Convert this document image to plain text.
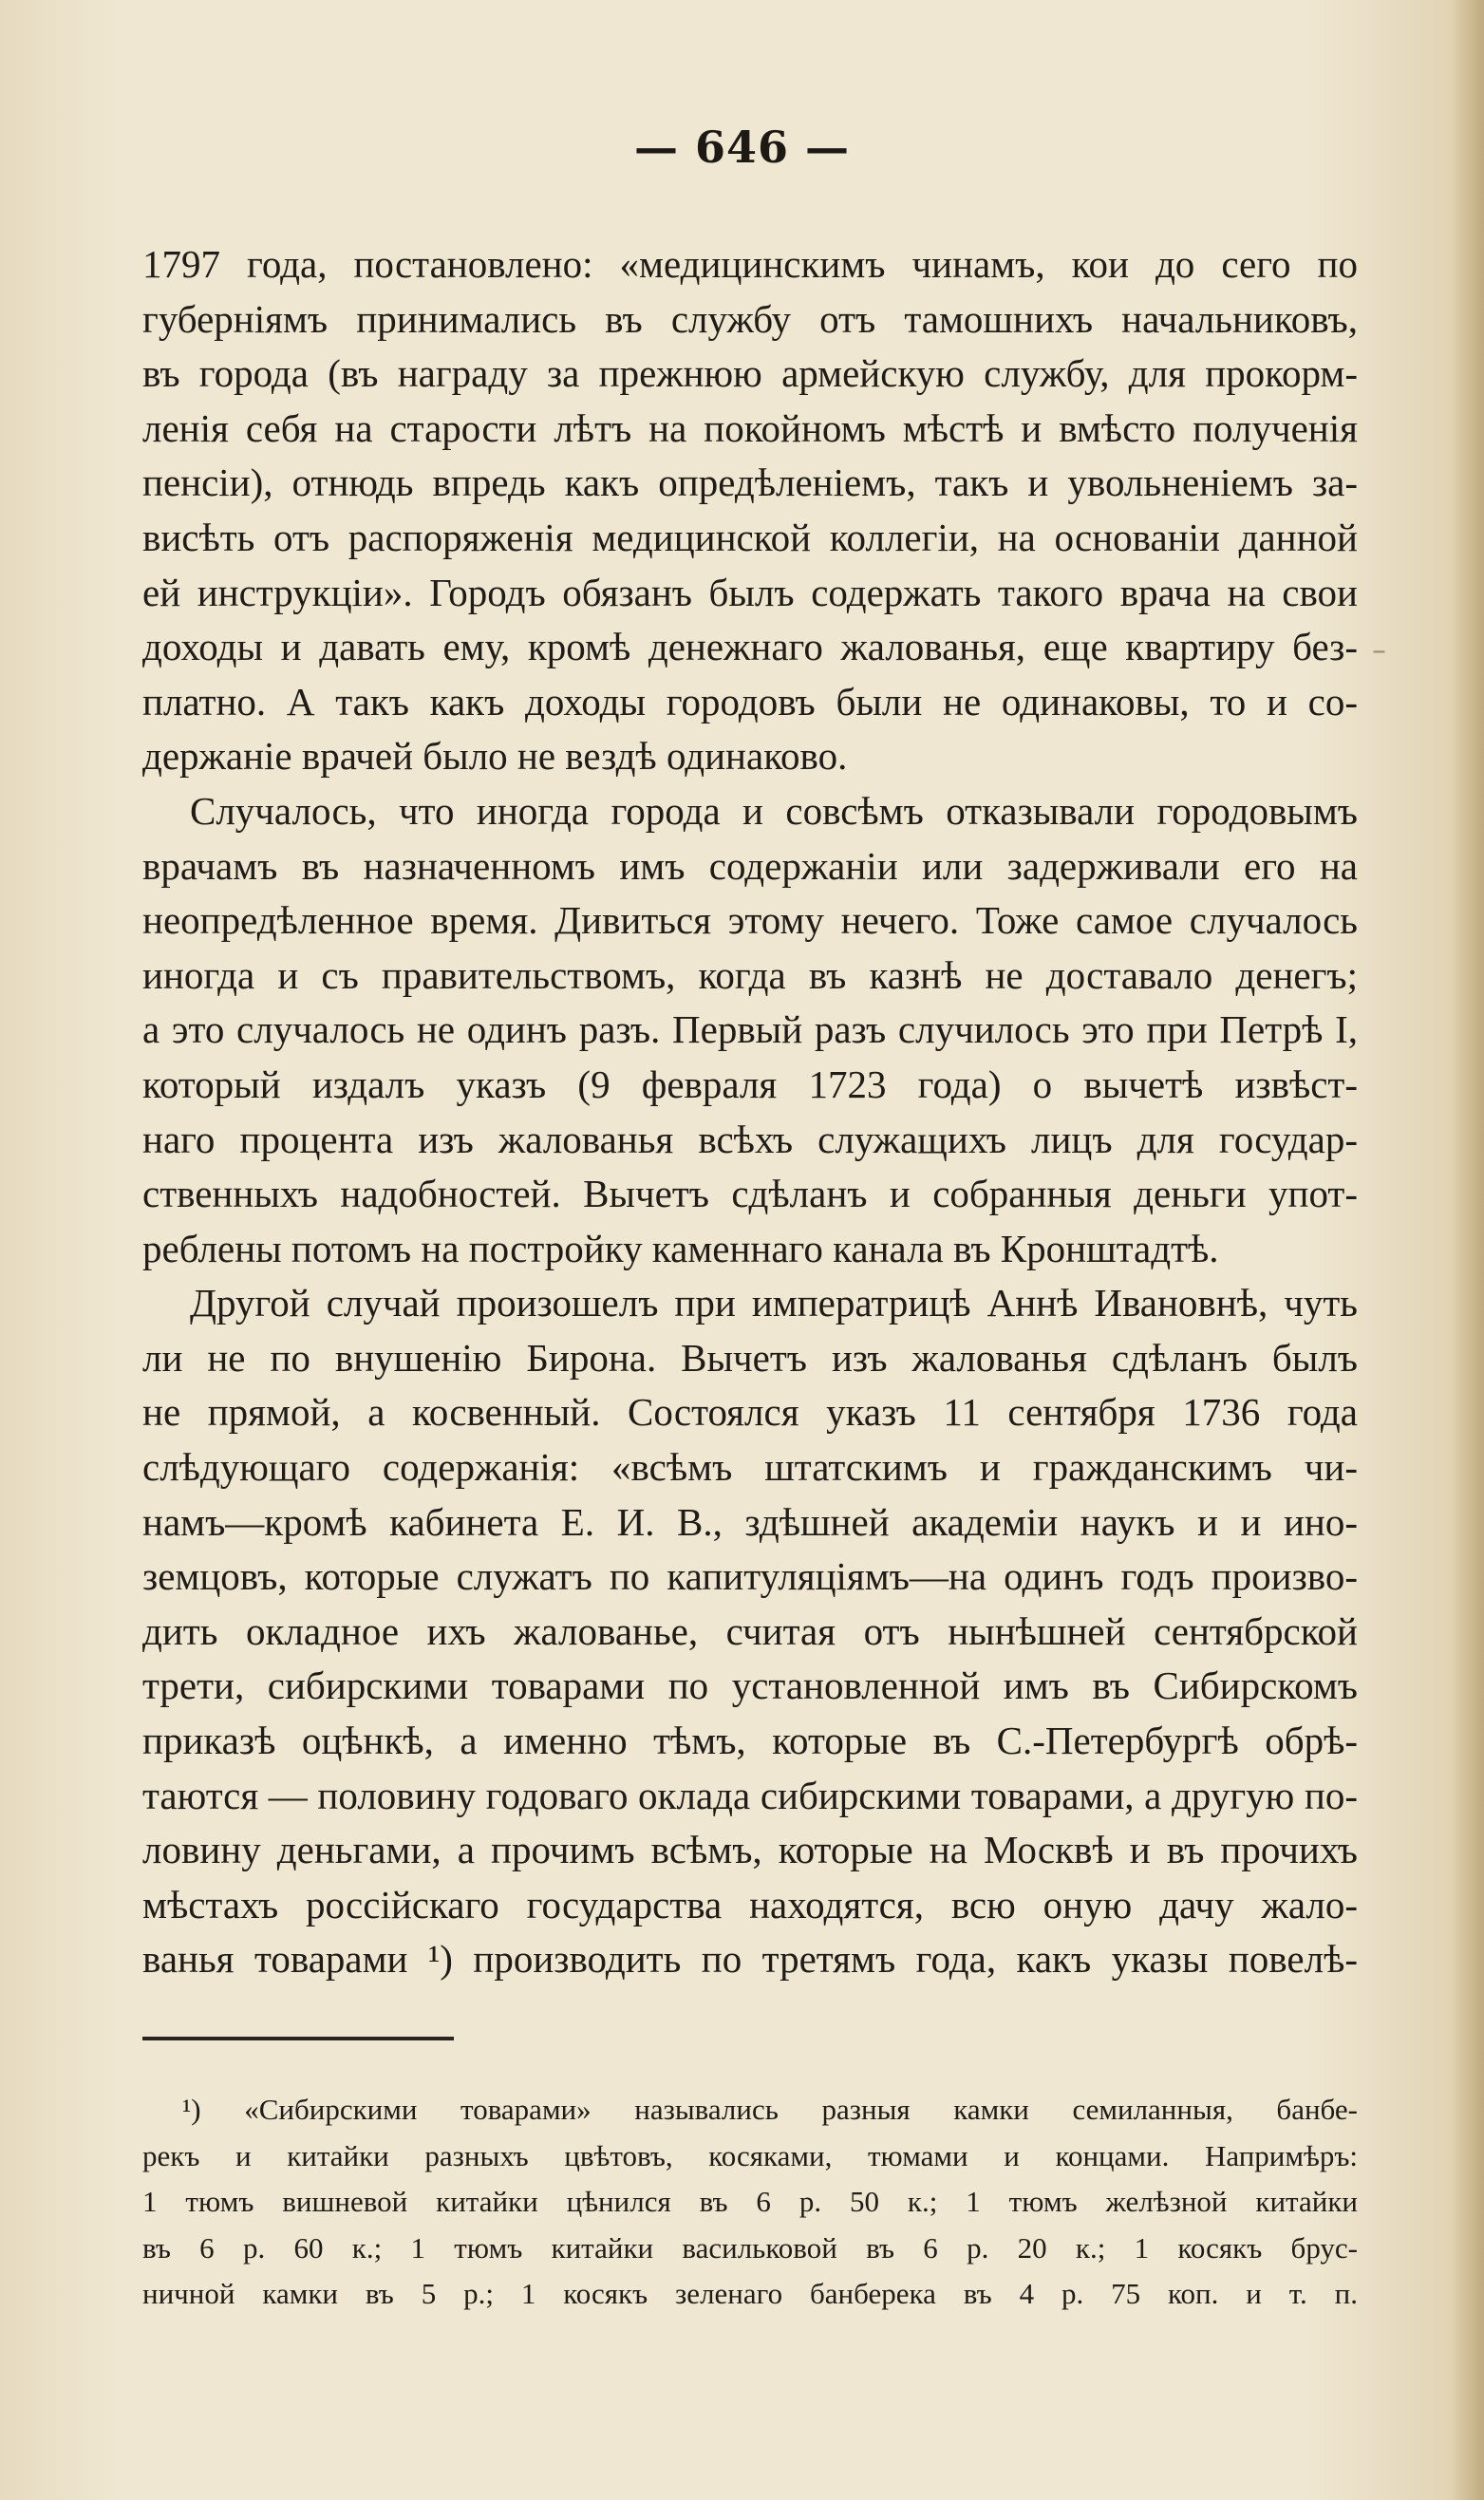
— 646 —
1797 года, постановлено: «медицинскимъ чинамъ, кои до сего по
губерніямъ принимались въ службу отъ тамошнихъ начальниковъ,
въ города (въ награду за прежнюю армейскую службу, для прокорм-
ленія себя на старости лѣтъ на покойномъ мѣстѣ и вмѣсто полученія
пенсіи), отнюдь впредь какъ опредѣленіемъ, такъ и увольненіемъ за-
висѣть отъ распоряженія медицинской коллегіи, на основаніи данной
ей инструкціи». Городъ обязанъ былъ содержать такого врача на свои
доходы и давать ему, кромѣ денежнаго жалованья, еще квартиру без-
платно. А такъ какъ доходы городовъ были не одинаковы, то и со-
держаніе врачей было не вездѣ одинаково.
Случалось, что иногда города и совсѣмъ отказывали городовымъ
врачамъ въ назначенномъ имъ содержаніи или задерживали его на
неопредѣленное время. Дивиться этому нечего. Тоже самое случалось
иногда и съ правительствомъ, когда въ казнѣ не доставало денегъ;
а это случалось не одинъ разъ. Первый разъ случилось это при Петрѣ I,
который издалъ указъ (9 февраля 1723 года) о вычетѣ извѣст-
наго процента изъ жалованья всѣхъ служащихъ лицъ для государ-
ственныхъ надобностей. Вычетъ сдѣланъ и собранныя деньги упот-
реблены потомъ на постройку каменнаго канала въ Кронштадтѣ.
Другой случай произошелъ при императрицѣ Аннѣ Ивановнѣ, чуть
ли не по внушенію Бирона. Вычетъ изъ жалованья сдѣланъ былъ
не прямой, а косвенный. Состоялся указъ 11 сентября 1736 года
слѣдующаго содержанія: «всѣмъ штатскимъ и гражданскимъ чи-
намъ—кромѣ кабинета Е. И. В., здѣшней академіи наукъ и и ино-
земцовъ, которые служатъ по капитуляціямъ—на одинъ годъ произво-
дить окладное ихъ жалованье, считая отъ нынѣшней сентябрской
трети, сибирскими товарами по установленной имъ въ Сибирскомъ
приказѣ оцѣнкѣ, а именно тѣмъ, которые въ С.-Петербургѣ обрѣ-
таются — половину годоваго оклада сибирскими товарами, а другую по-
ловину деньгами, а прочимъ всѣмъ, которые на Москвѣ и въ прочихъ
мѣстахъ россійскаго государства находятся, всю оную дачу жало-
ванья товарами ¹) производить по третямъ года, какъ указы повелѣ-
¹) «Сибирскими товарами» назывались разныя камки семиланныя, банбе-
рекъ и китайки разныхъ цвѣтовъ, косяками, тюмами и концами. Напримѣръ:
1 тюмъ вишневой китайки цѣнился въ 6 р. 50 к.; 1 тюмъ желѣзной китайки
въ 6 р. 60 к.; 1 тюмъ китайки васильковой въ 6 р. 20 к.; 1 косякъ брус-
ничной камки въ 5 р.; 1 косякъ зеленаго банберека въ 4 р. 75 коп. и т. п.
–
